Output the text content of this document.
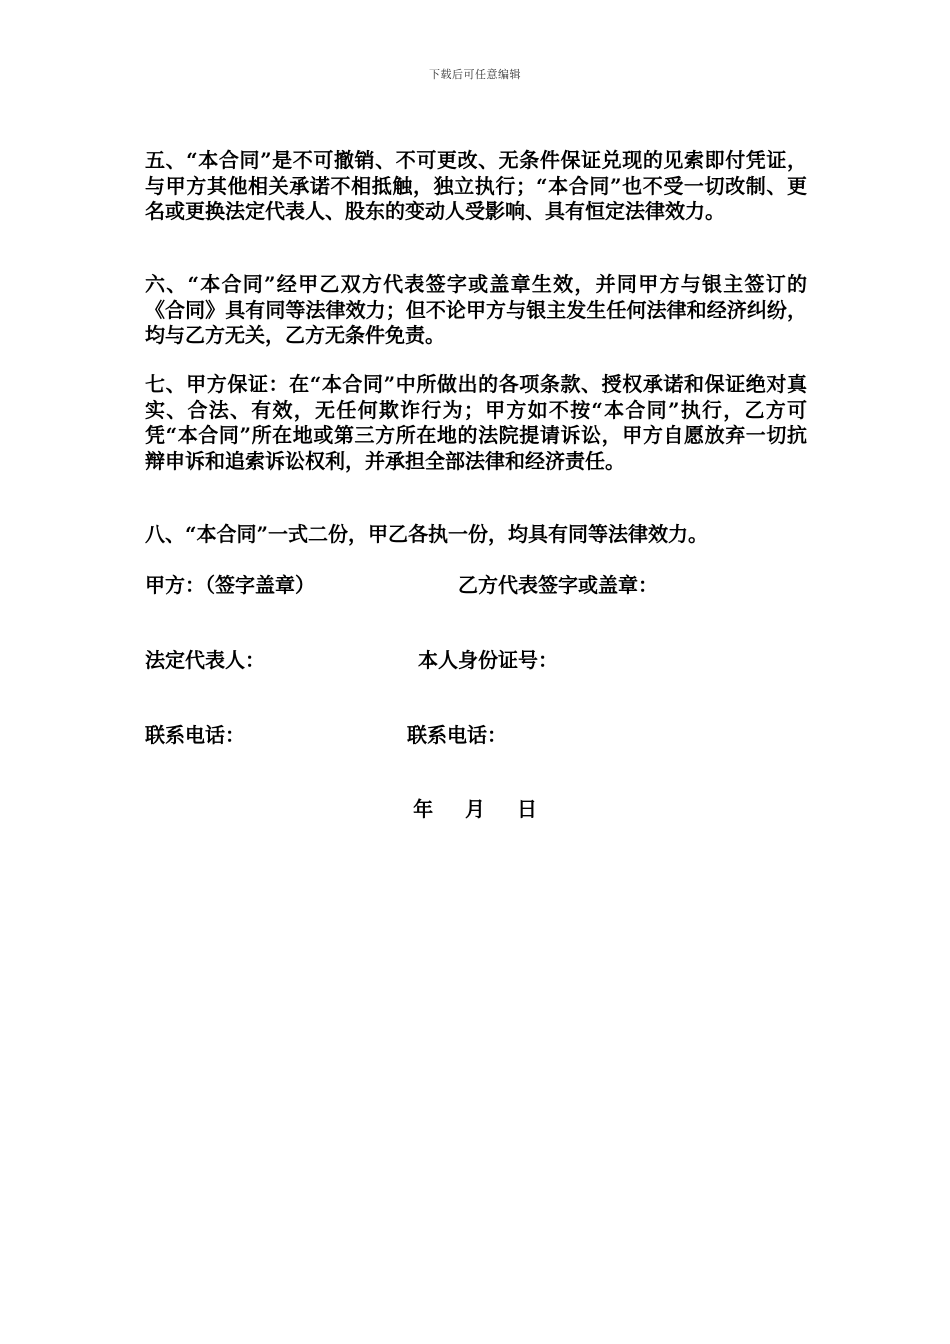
下载后可任意编辑

五、“本合同”是不可撤销、不可更改、无条件保证兑现的见索即付凭证，与甲方其他相关承诺不相抵触，独立执行；“本合同”也不受一切改制、更名或更换法定代表人、股东的变动人受影响、具有恒定法律效力。

六、“本合同”经甲乙双方代表签字或盖章生效，并同甲方与银主签订的《合同》具有同等法律效力；但不论甲方与银主发生任何法律和经济纠纷，均与乙方无关，乙方无条件免责。

七、甲方保证：在“本合同”中所做出的各项条款、授权承诺和保证绝对真实、合法、有效，无任何欺诈行为；甲方如不按“本合同”执行，乙方可凭“本合同”所在地或第三方所在地的法院提请诉讼，甲方自愿放弃一切抗辩申诉和追索诉讼权利，并承担全部法律和经济责任。

八、“本合同”一式二份，甲乙各执一份，均具有同等法律效力。

甲方：（签字盖章）	乙方代表签字或盖章：
法定代表人：	本人身份证号：
联系电话：	联系电话：
年 月 日
